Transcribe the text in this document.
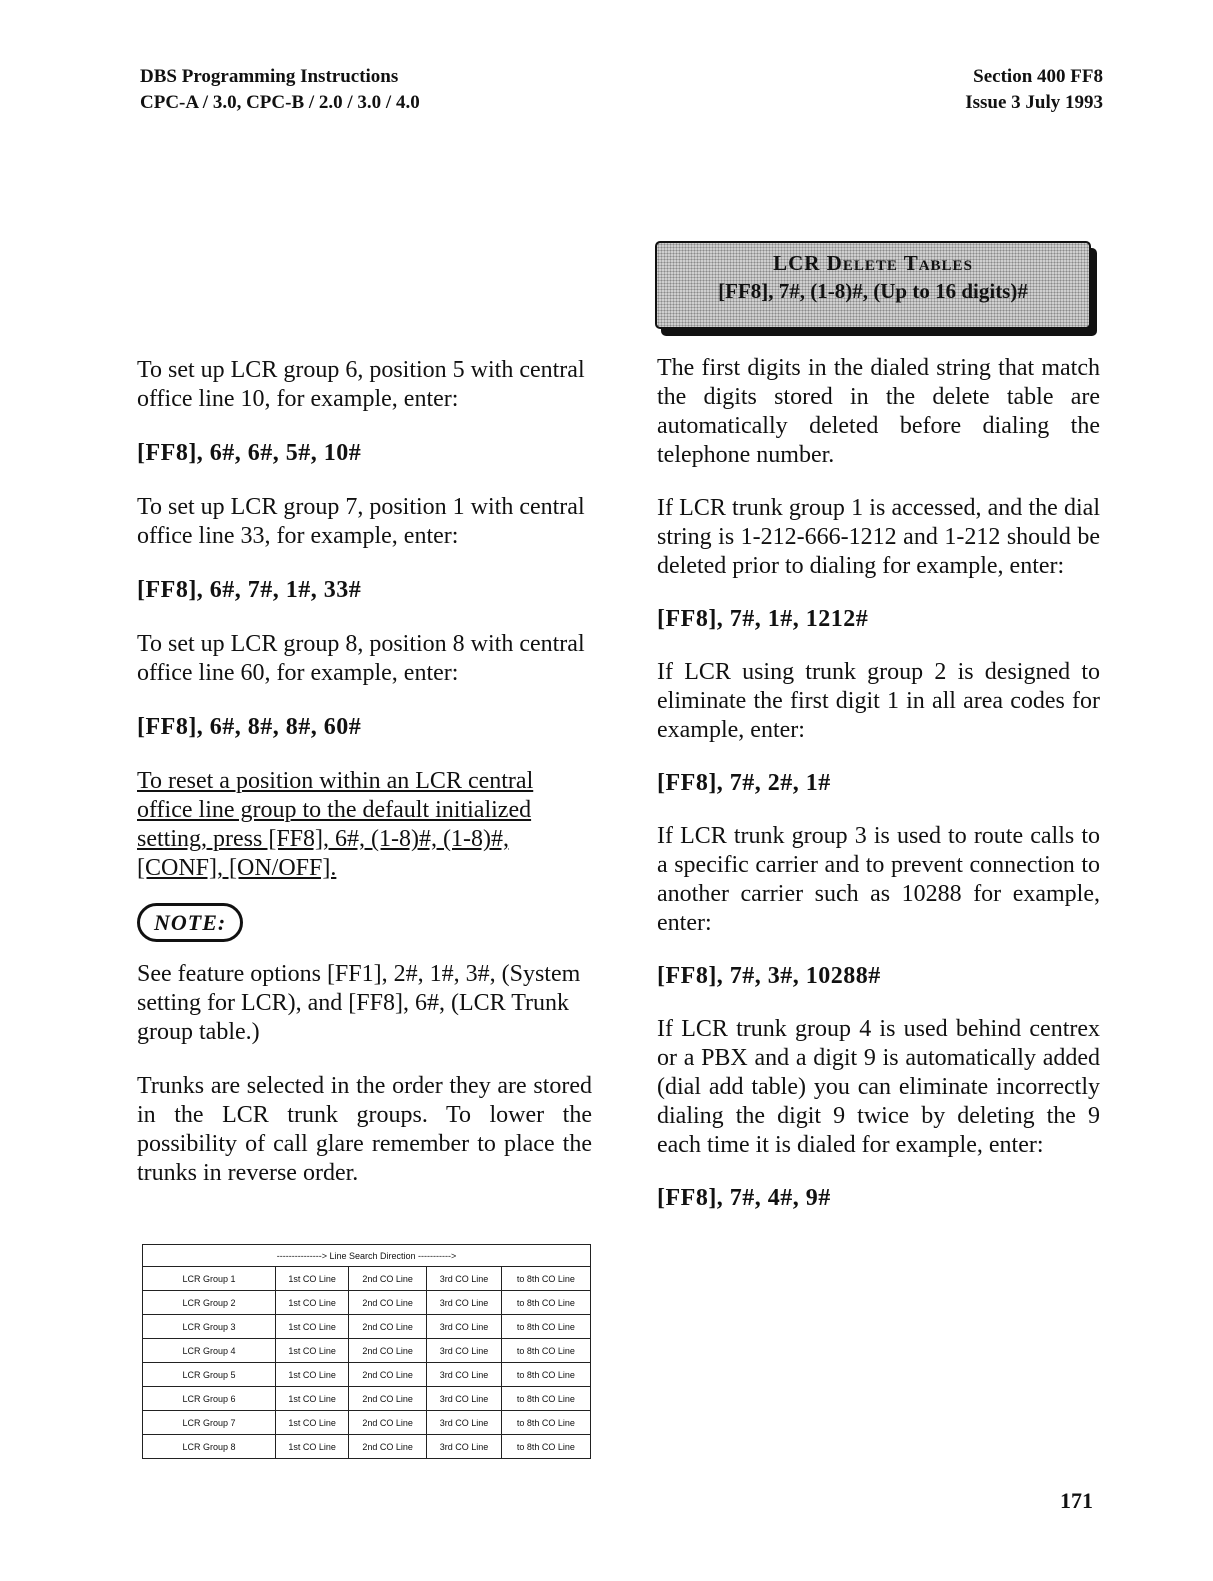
DBS Programming Instructions
CPC-A / 3.0, CPC-B / 2.0 / 3.0 / 4.0
Section 400 FF8
Issue 3 July 1993
LCR Delete Tables
[FF8], 7#, (1-8)#, (Up to 16 digits)#

To set up LCR group 6, position 5 with central office line 10, for example, enter:

[FF8], 6#, 6#, 5#, 10#

To set up LCR group 7, position 1 with central office line 33, for example, enter:

[FF8], 6#, 7#, 1#, 33#

To set up LCR group 8, position 8 with central office line 60, for example, enter:

[FF8], 6#, 8#, 8#, 60#

To reset a position within an LCR central office line group to the default initialized setting, press [FF8], 6#, (1-8)#, (1-8)#, [CONF], [ON/OFF].

NOTE:

See feature options [FF1], 2#, 1#, 3#, (System setting for LCR), and [FF8], 6#, (LCR Trunk group table.)

Trunks are selected in the order they are stored in the LCR trunk groups. To lower the possibility of call glare remember to place the trunks in reverse order.

The first digits in the dialed string that match the digits stored in the delete table are automatically deleted before dialing the telephone number.

If LCR trunk group 1 is accessed, and the dial string is 1-212-666-1212 and 1-212 should be deleted prior to dialing for example, enter:

[FF8], 7#, 1#, 1212#

If LCR using trunk group 2 is designed to eliminate the first digit 1 in all area codes for example, enter:

[FF8], 7#, 2#, 1#

If LCR trunk group 3 is used to route calls to a specific carrier and to prevent connection to another carrier such as 10288 for example, enter:

[FF8], 7#, 3#, 10288#

If LCR trunk group 4 is used behind centrex or a PBX and a digit 9 is automatically added (dial add table) you can eliminate incorrectly dialing the digit 9 twice by deleting the 9 each time it is dialed for example, enter:

[FF8], 7#, 4#, 9#

---------------> Line Search Direction ----------->				
LCR Group 1	1st CO Line	2nd CO Line	3rd CO Line	to 8th CO Line
LCR Group 2	1st CO Line	2nd CO Line	3rd CO Line	to 8th CO Line
LCR Group 3	1st CO Line	2nd CO Line	3rd CO Line	to 8th CO Line
LCR Group 4	1st CO Line	2nd CO Line	3rd CO Line	to 8th CO Line
LCR Group 5	1st CO Line	2nd CO Line	3rd CO Line	to 8th CO Line
LCR Group 6	1st CO Line	2nd CO Line	3rd CO Line	to 8th CO Line
LCR Group 7	1st CO Line	2nd CO Line	3rd CO Line	to 8th CO Line
LCR Group 8	1st CO Line	2nd CO Line	3rd CO Line	to 8th CO Line
171
